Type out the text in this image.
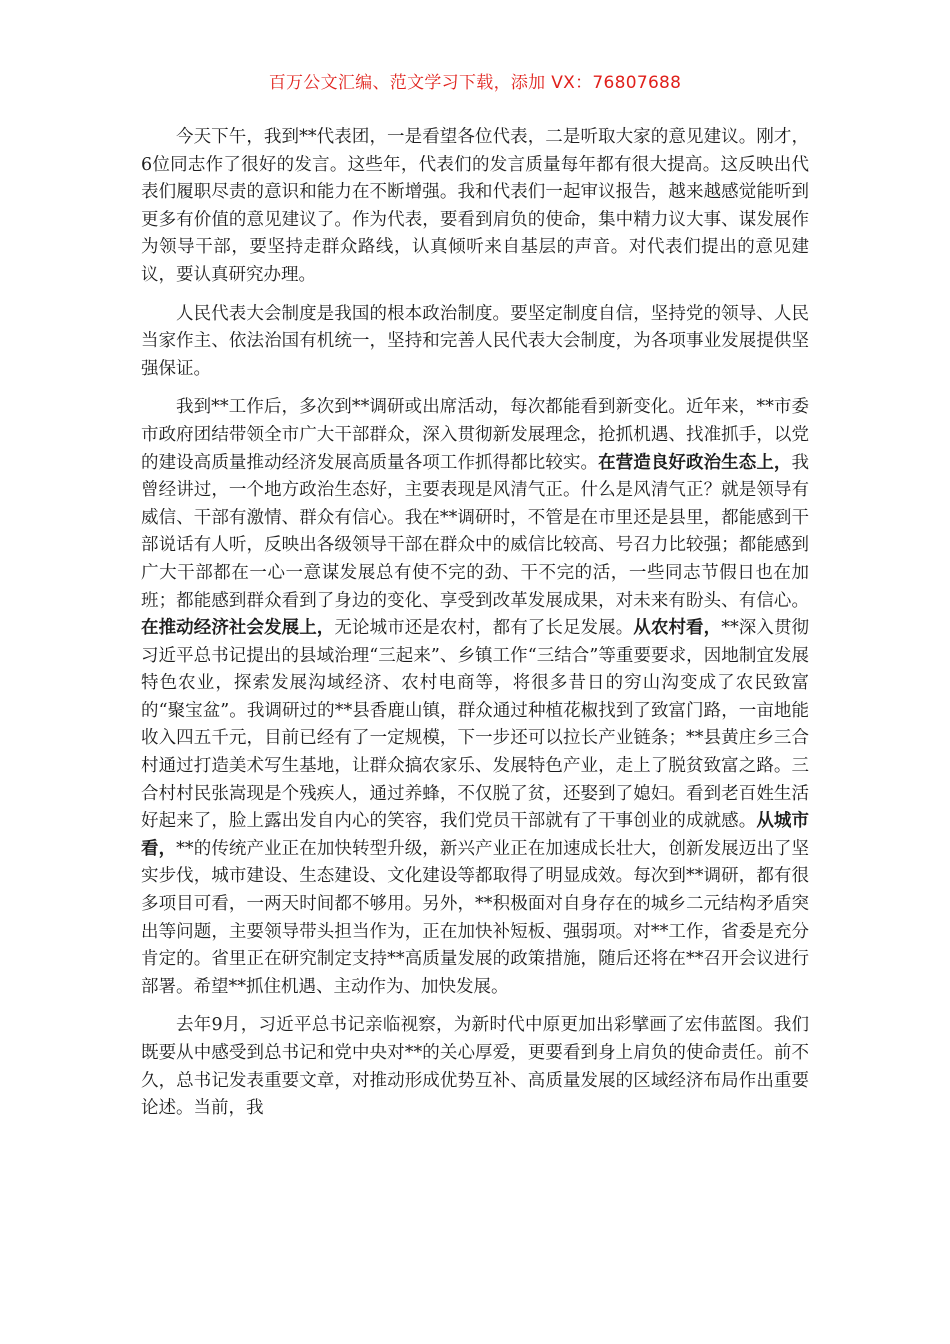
百万公文汇编、范文学习下载，添加 VX：76807688

今天下午，我到**代表团，一是看望各位代表，二是听取大家的意见建议。刚才，6位同志作了很好的发言。这些年，代表们的发言质量每年都有很大提高。这反映出代表们履职尽责的意识和能力在不断增强。我和代表们一起审议报告，越来越感觉能听到更多有价值的意见建议了。作为代表，要看到肩负的使命，集中精力议大事、谋发展作为领导干部，要坚持走群众路线，认真倾听来自基层的声音。对代表们提出的意见建议，要认真研究办理。

人民代表大会制度是我国的根本政治制度。要坚定制度自信，坚持党的领导、人民当家作主、依法治国有机统一，坚持和完善人民代表大会制度，为各项事业发展提供坚强保证。

我到**工作后，多次到**调研或出席活动，每次都能看到新变化。近年来，**市委市政府团结带领全市广大干部群众，深入贯彻新发展理念，抢抓机遇、找准抓手，以党的建设高质量推动经济发展高质量各项工作抓得都比较实。在营造良好政治生态上，我曾经讲过，一个地方政治生态好，主要表现是风清气正。什么是风清气正？就是领导有威信、干部有激情、群众有信心。我在**调研时，不管是在市里还是县里，都能感到干部说话有人听，反映出各级领导干部在群众中的威信比较高、号召力比较强；都能感到广大干部都在一心一意谋发展总有使不完的劲、干不完的活，一些同志节假日也在加班；都能感到群众看到了身边的变化、享受到改革发展成果，对未来有盼头、有信心。在推动经济社会发展上，无论城市还是农村，都有了长足发展。从农村看，**深入贯彻习近平总书记提出的县域治理“三起来”、乡镇工作“三结合”等重要要求，因地制宜发展特色农业，探索发展沟域经济、农村电商等，将很多昔日的穷山沟变成了农民致富的“聚宝盆”。我调研过的**县香鹿山镇，群众通过种植花椒找到了致富门路，一亩地能收入四五千元，目前已经有了一定规模，下一步还可以拉长产业链条；**县黄庄乡三合村通过打造美术写生基地，让群众搞农家乐、发展特色产业，走上了脱贫致富之路。三合村村民张嵩现是个残疾人，通过养蜂，不仅脱了贫，还娶到了媳妇。看到老百姓生活好起来了，脸上露出发自内心的笑容，我们党员干部就有了干事创业的成就感。从城市看，**的传统产业正在加快转型升级，新兴产业正在加速成长壮大，创新发展迈出了坚实步伐，城市建设、生态建设、文化建设等都取得了明显成效。每次到**调研，都有很多项目可看，一两天时间都不够用。另外，**积极面对自身存在的城乡二元结构矛盾突出等问题，主要领导带头担当作为，正在加快补短板、强弱项。对**工作，省委是充分肯定的。省里正在研究制定支持**高质量发展的政策措施，随后还将在**召开会议进行部署。希望**抓住机遇、主动作为、加快发展。

去年9月，习近平总书记亲临视察，为新时代中原更加出彩擘画了宏伟蓝图。我们既要从中感受到总书记和党中央对**的关心厚爱，更要看到身上肩负的使命责任。前不久，总书记发表重要文章，对推动形成优势互补、高质量发展的区域经济布局作出重要论述。当前，我
